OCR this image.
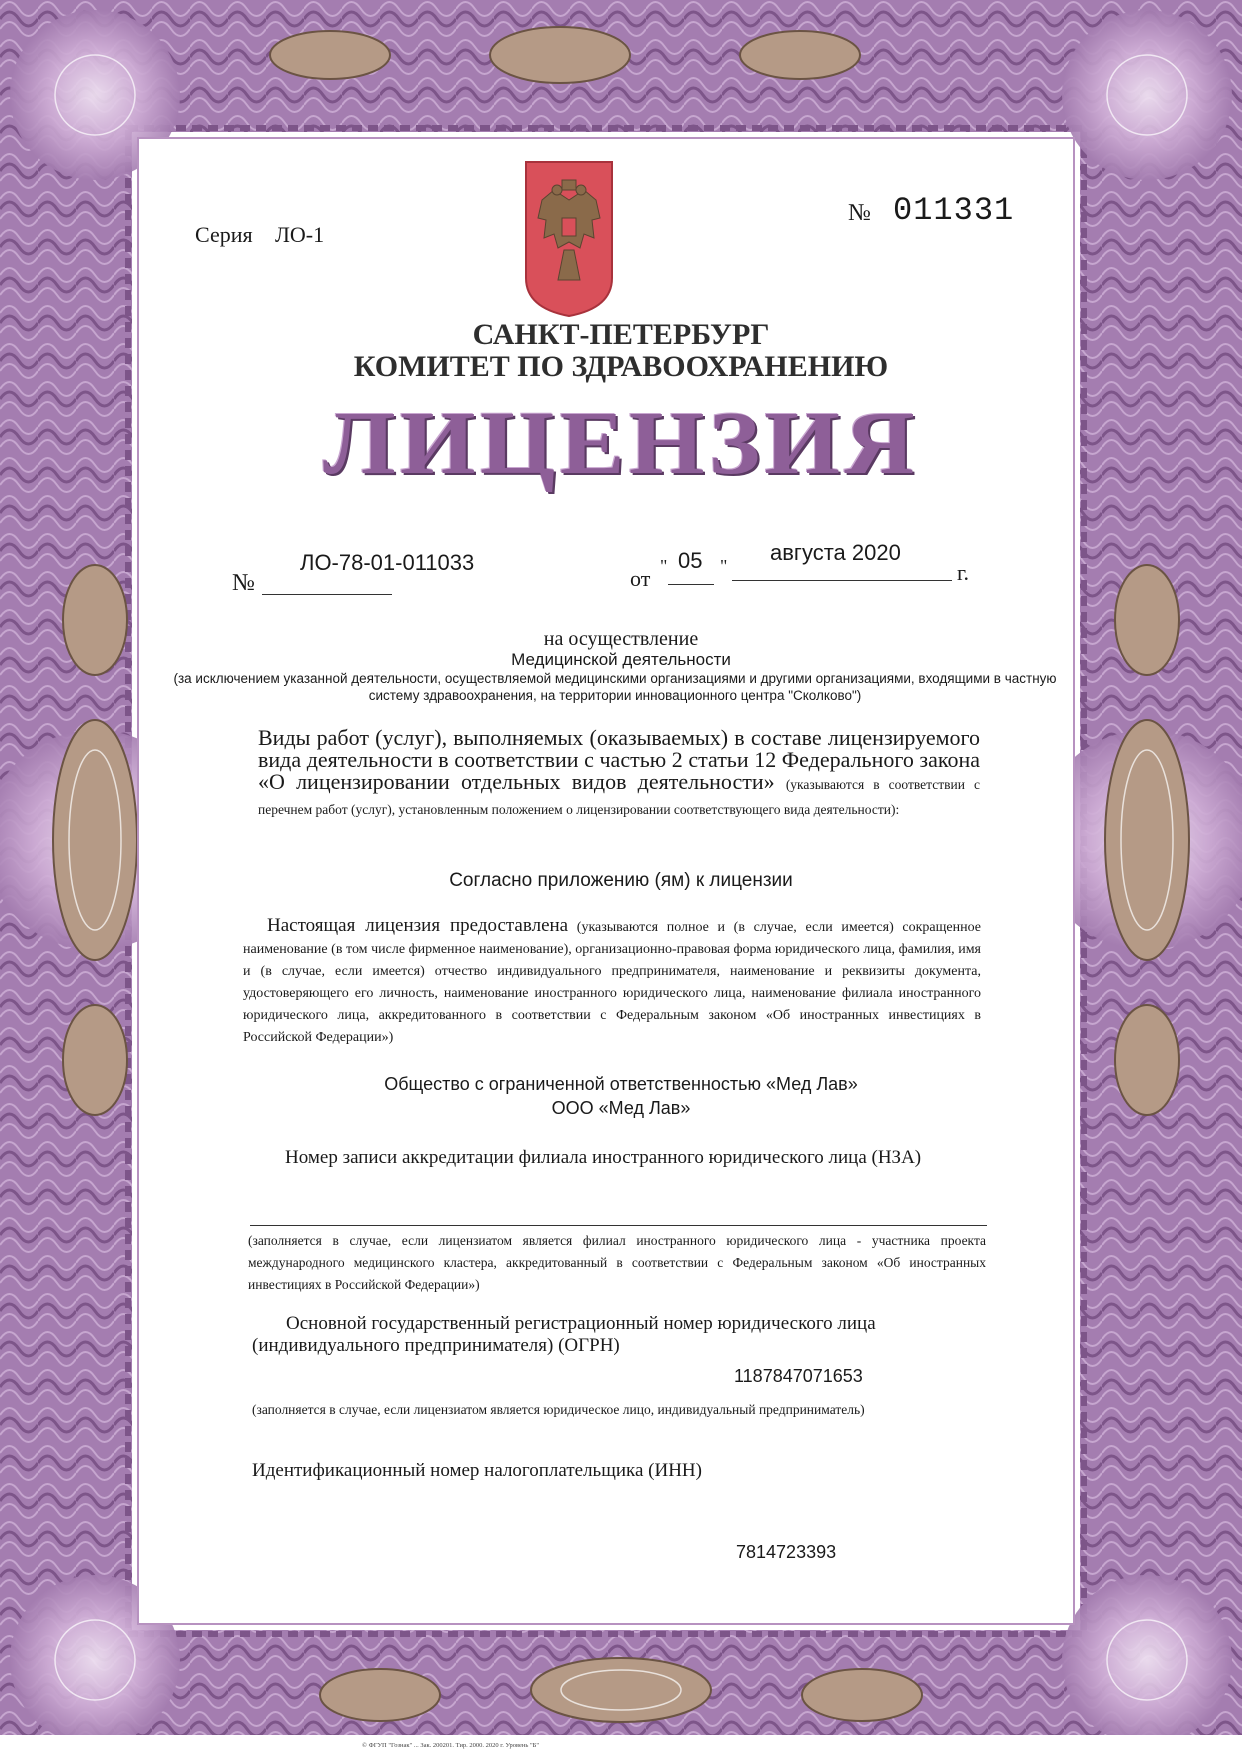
Серия ЛО-1
№ 011331
САНКТ-ПЕТЕРБУРГ
КОМИТЕТ ПО ЗДРАВООХРАНЕНИЮ
ЛИЦЕНЗИЯ
№
ЛО-78-01-011033
от " 05 "
августа 2020
г.
на осуществление
Медицинской деятельности
(за исключением указанной деятельности, осуществляемой медицинскими организациями и другими организациями, входящими в частную систему здравоохранения, на территории инновационного центра "Сколково")
Виды работ (услуг), выполняемых (оказываемых) в составе лицензируемого вида деятельности в соответствии с частью 2 статьи 12 Федерального закона «О лицензировании отдельных видов деятельности» (указываются в соответствии с перечнем работ (услуг), установленным положением о лицензировании соответствующего вида деятельности):
Согласно приложению (ям) к лицензии
Настоящая лицензия предоставлена (указываются полное и (в случае, если имеется) сокращенное наименование (в том числе фирменное наименование), организационно-правовая форма юридического лица, фамилия, имя и (в случае, если имеется) отчество индивидуального предпринимателя, наименование и реквизиты документа, удостоверяющего его личность, наименование иностранного юридического лица, наименование филиала иностранного юридического лица, аккредитованного в соответствии с Федеральным законом «Об иностранных инвестициях в Российской Федерации»)
Общество с ограниченной ответственностью «Мед Лав»
ООО «Мед Лав»
Номер записи аккредитации филиала иностранного юридического лица (НЗА)
(заполняется в случае, если лицензиатом является филиал иностранного юридического лица - участника проекта международного медицинского кластера, аккредитованный в соответствии с Федеральным законом «Об иностранных инвестициях в Российской Федерации»)
Основной государственный регистрационный номер юридического лица (индивидуального предпринимателя) (ОГРН)
1187847071653
(заполняется в случае, если лицензиатом является юридическое лицо, индивидуальный предприниматель)
Идентификационный номер налогоплательщика (ИНН)
7814723393
© ФГУП "Гознак" ... Зак. 200201. Тир. 2000. 2020 г. Уровень "Б"
